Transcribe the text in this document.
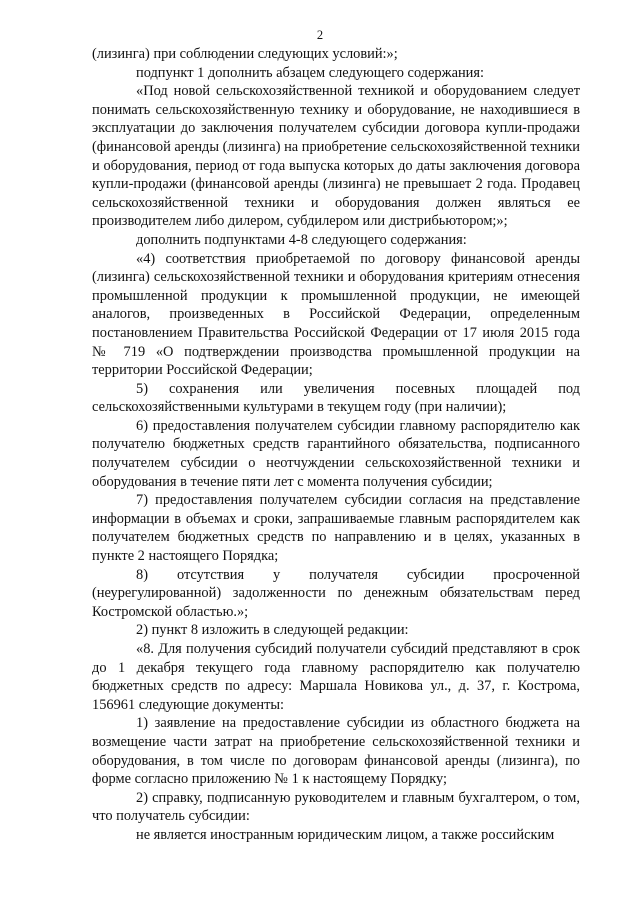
2

(лизинга) при соблюдении следующих условий:»;

подпункт 1 дополнить абзацем следующего содержания:

«Под новой сельскохозяйственной техникой и оборудованием следует понимать сельскохозяйственную технику и оборудование, не находившиеся в эксплуатации до заключения получателем субсидии договора купли-продажи (финансовой аренды (лизинга) на приобретение сельскохозяйственной техники и оборудования, период от года выпуска которых до даты заключения договора купли-продажи (финансовой аренды (лизинга) не превышает 2 года. Продавец сельскохозяйственной техники и оборудования должен являться ее производителем либо дилером, субдилером или дистрибьютором;»;

дополнить подпунктами 4-8 следующего содержания:

«4) соответствия приобретаемой по договору финансовой аренды (лизинга) сельскохозяйственной техники и оборудования критериям отнесения промышленной продукции к промышленной продукции, не имеющей аналогов, произведенных в Российской Федерации, определенным постановлением Правительства Российской Федерации от 17 июля 2015 года № 719 «О подтверждении производства промышленной продукции на территории Российской Федерации;

5) сохранения или увеличения посевных площадей под сельскохозяйственными культурами в текущем году (при наличии);

6) предоставления получателем субсидии главному распорядителю как получателю бюджетных средств гарантийного обязательства, подписанного получателем субсидии о неотчуждении сельскохозяйственной техники и оборудования в течение пяти лет с момента получения субсидии;

7) предоставления получателем субсидии согласия на представление информации в объемах и сроки, запрашиваемые главным распорядителем как получателем бюджетных средств по направлению и в целях, указанных в пункте 2 настоящего Порядка;

8) отсутствия у получателя субсидии просроченной (неурегулированной) задолженности по денежным обязательствам перед Костромской областью.»;

2) пункт 8 изложить в следующей редакции:

«8. Для получения субсидий получатели субсидий представляют в срок до 1 декабря текущего года главному распорядителю как получателю бюджетных средств по адресу: Маршала Новикова ул., д. 37, г. Кострома, 156961 следующие документы:

1) заявление на предоставление субсидии из областного бюджета на возмещение части затрат на приобретение сельскохозяйственной техники и оборудования, в том числе по договорам финансовой аренды (лизинга), по форме согласно приложению № 1 к настоящему Порядку;

2) справку, подписанную руководителем и главным бухгалтером, о том, что получатель субсидии:

не является иностранным юридическим лицом, а также российским
